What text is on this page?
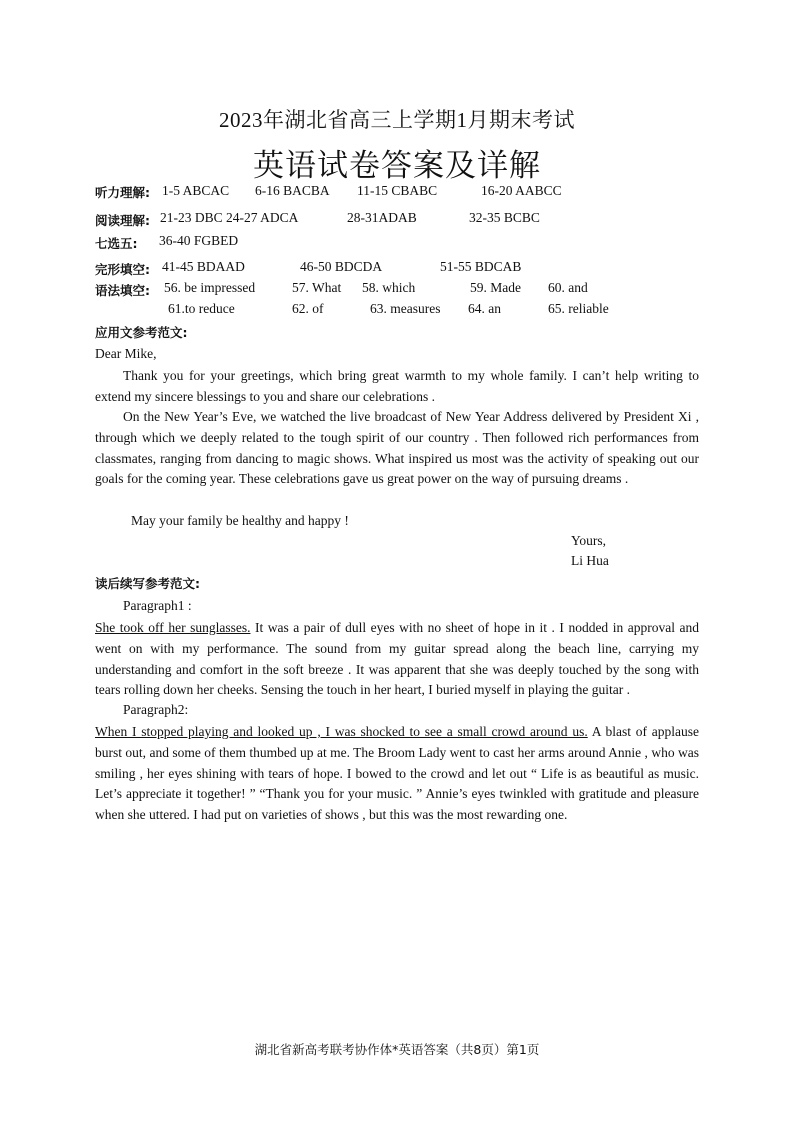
2023年湖北省高三上学期1月期末考试
英语试卷答案及详解
听力理解: 1-5 ABCAC 6-16 BACBA 11-15 CBABC	16-20 AABCC
阅读理解: 21-23 DBC 24-27 ADCA	28-31ADAB	32-35 BCBC
七选五: 36-40 FGBED
完形填空: 41-45 BDAAD	46-50 BDCDA	51-55 BDCAB
语法填空: 56. be impressed	57. What 58. which	59. Made 60. and
61.to reduce	62. of	63. measures 64. an	65. reliable
应用文参考范文:
Dear Mike,
Thank you for your greetings, which bring great warmth to my whole family. I can’t help writing to extend my sincere blessings to you and share our celebrations .
On the New Year’s Eve, we watched the live broadcast of New Year Address delivered by President Xi , through which we deeply related to the tough spirit of our country . Then followed rich performances from classmates, ranging from dancing to magic shows. What inspired us most was the activity of speaking out our goals for the coming year. These celebrations gave us great power on the way of pursuing dreams .
May your family be healthy and happy !
Yours,
Li Hua
读后续写参考范文:
Paragraph1 :
She took off her sunglasses. It was a pair of dull eyes with no sheet of hope in it . I nodded in approval and went on with my performance. The sound from my guitar spread along the beach line, carrying my understanding and comfort in the soft breeze . It was apparent that she was deeply touched by the song with tears rolling down her cheeks. Sensing the touch in her heart, I buried myself in playing the guitar .
Paragraph2:
When I stopped playing and looked up , I was shocked to see a small crowd around us. A blast of applause burst out, and some of them thumbed up at me. The Broom Lady went to cast her arms around Annie , who was smiling , her eyes shining with tears of hope. I bowed to the crowd and let out “ Life is as beautiful as music. Let’s appreciate it together! ” “Thank you for your music. ” Annie’s eyes twinkled with gratitude and pleasure when she uttered. I had put on varieties of shows , but this was the most rewarding one.
湖北省新高考联考协作体*英语答案（共8页）第1页
